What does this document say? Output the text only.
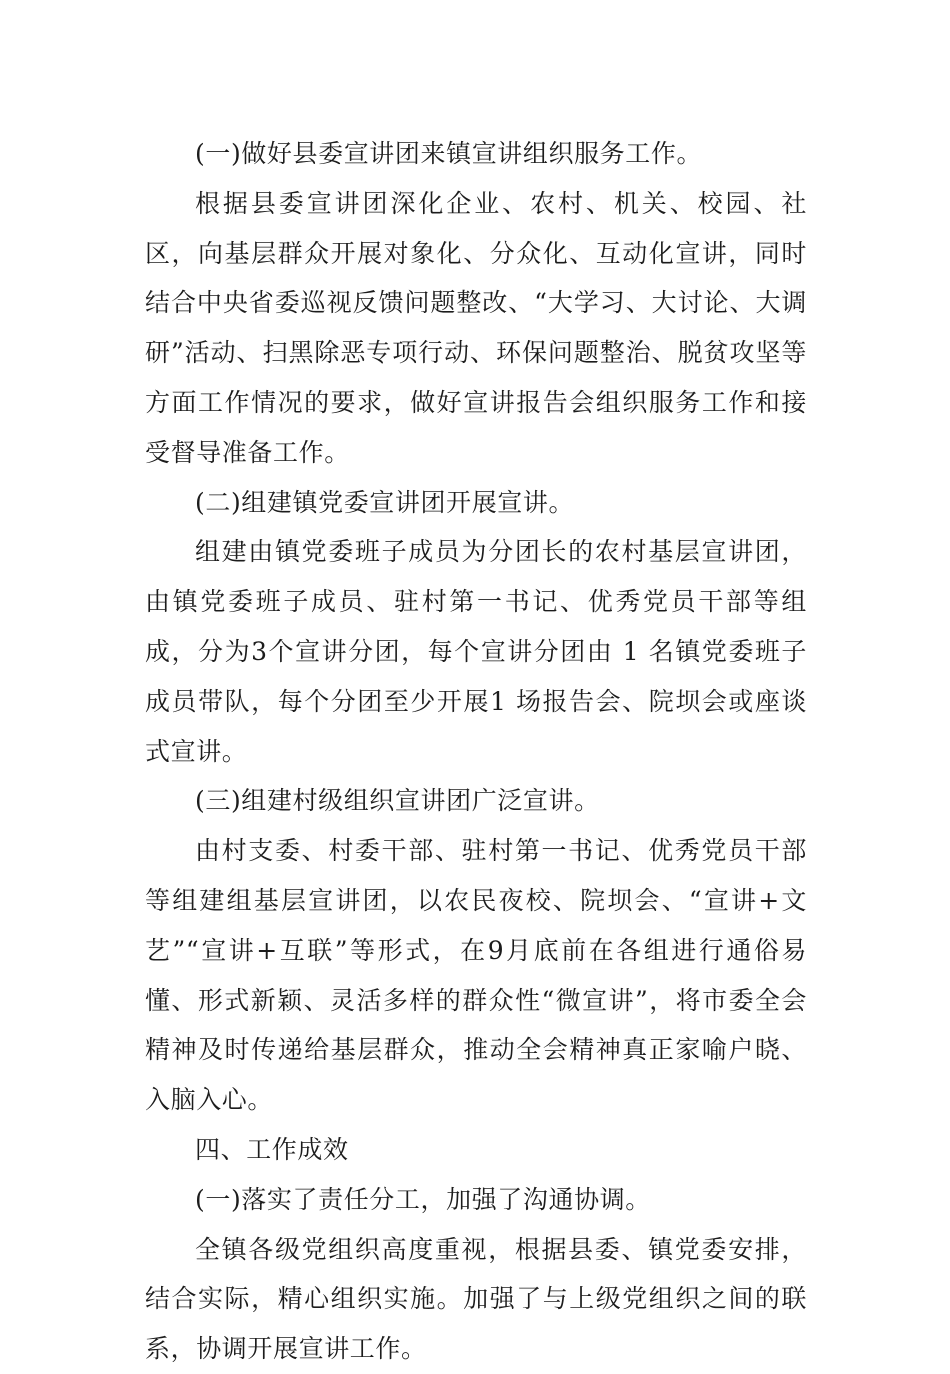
(一)做好县委宣讲团来镇宣讲组织服务工作。

根据县委宣讲团深化企业、农村、机关、校园、社区，向基层群众开展对象化、分众化、互动化宣讲，同时结合中央省委巡视反馈问题整改、“大学习、大讨论、大调研”活动、扫黑除恶专项行动、环保问题整治、脱贫攻坚等方面工作情况的要求，做好宣讲报告会组织服务工作和接受督导准备工作。

(二)组建镇党委宣讲团开展宣讲。

组建由镇党委班子成员为分团长的农村基层宣讲团，由镇党委班子成员、驻村第一书记、优秀党员干部等组成，分为3个宣讲分团，每个宣讲分团由 1 名镇党委班子成员带队，每个分团至少开展1 场报告会、院坝会或座谈式宣讲。

(三)组建村级组织宣讲团广泛宣讲。

由村支委、村委干部、驻村第一书记、优秀党员干部等组建组基层宣讲团，以农民夜校、院坝会、“宣讲+文艺”“宣讲+互联”等形式，在9月底前在各组进行通俗易懂、形式新颖、灵活多样的群众性“微宣讲”，将市委全会精神及时传递给基层群众，推动全会精神真正家喻户晓、入脑入心。

四、工作成效

(一)落实了责任分工，加强了沟通协调。

全镇各级党组织高度重视，根据县委、镇党委安排，结合实际，精心组织实施。加强了与上级党组织之间的联系，协调开展宣讲工作。
